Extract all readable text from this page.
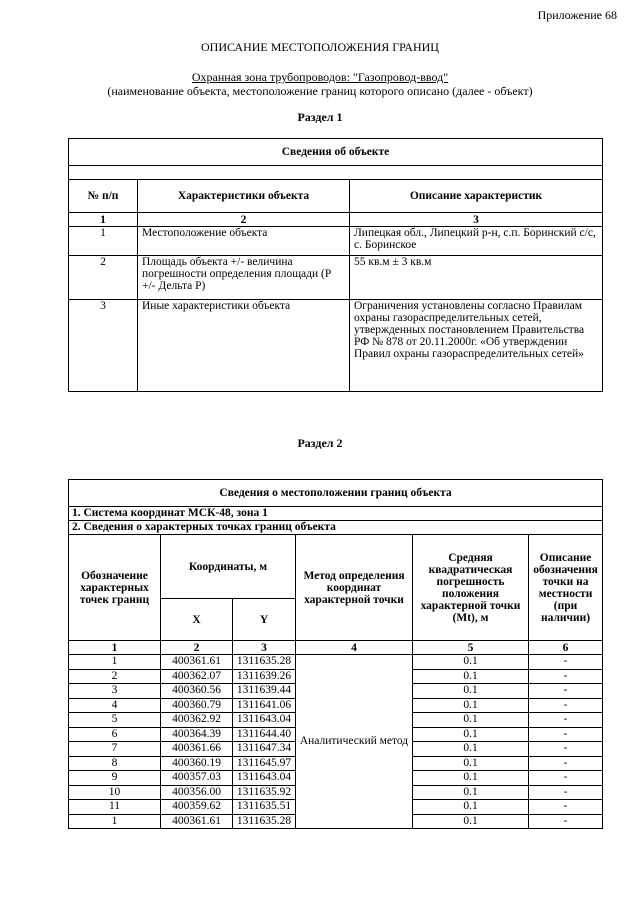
Приложение 68
ОПИСАНИЕ МЕСТОПОЛОЖЕНИЯ ГРАНИЦ
Охранная зона трубопроводов: "Газопровод-ввод"
(наименование объекта, местоположение границ которого описано (далее - объект)
Раздел 1
Сведения об объекте		

№ п/п	Характеристики объекта	Описание характеристик
1	2	3
1	Местоположение объекта	Липецкая обл., Липецкий р-н, с.п. Боринский с/с, с. Боринское
2	Площадь объекта +/- величина погрешности определения площади (Р +/- Дельта Р)	55 кв.м ± 3 кв.м
3	Иные характеристики объекта	Ограничения установлены согласно Правилам охраны газораспределительных сетей, утвержденных постановлением Правительства РФ № 878 от 20.11.2000г. «Об утверждении Правил охраны газораспределительных сетей»
Раздел 2
Сведения о местоположении границ объекта					
1. Система координат МСК-48, зона 1					
2. Сведения о характерных точках границ объекта					
Обозначение характерных точек границ	Координаты, м		Метод определения координат характерной точки	Средняя квадратическая погрешность положения характерной точки (Mt), м	Описание обозначения точки на местности (при наличии)
	X	Y			
1	2	3	4	5	6
1	400361.61	1311635.28	Аналитический метод	0.1	-
2	400362.07	1311639.26		0.1	-
3	400360.56	1311639.44		0.1	-
4	400360.79	1311641.06		0.1	-
5	400362.92	1311643.04		0.1	-
6	400364.39	1311644.40		0.1	-
7	400361.66	1311647.34		0.1	-
8	400360.19	1311645.97		0.1	-
9	400357.03	1311643.04		0.1	-
10	400356.00	1311635.92		0.1	-
11	400359.62	1311635.51		0.1	-
1	400361.61	1311635.28		0.1	-
